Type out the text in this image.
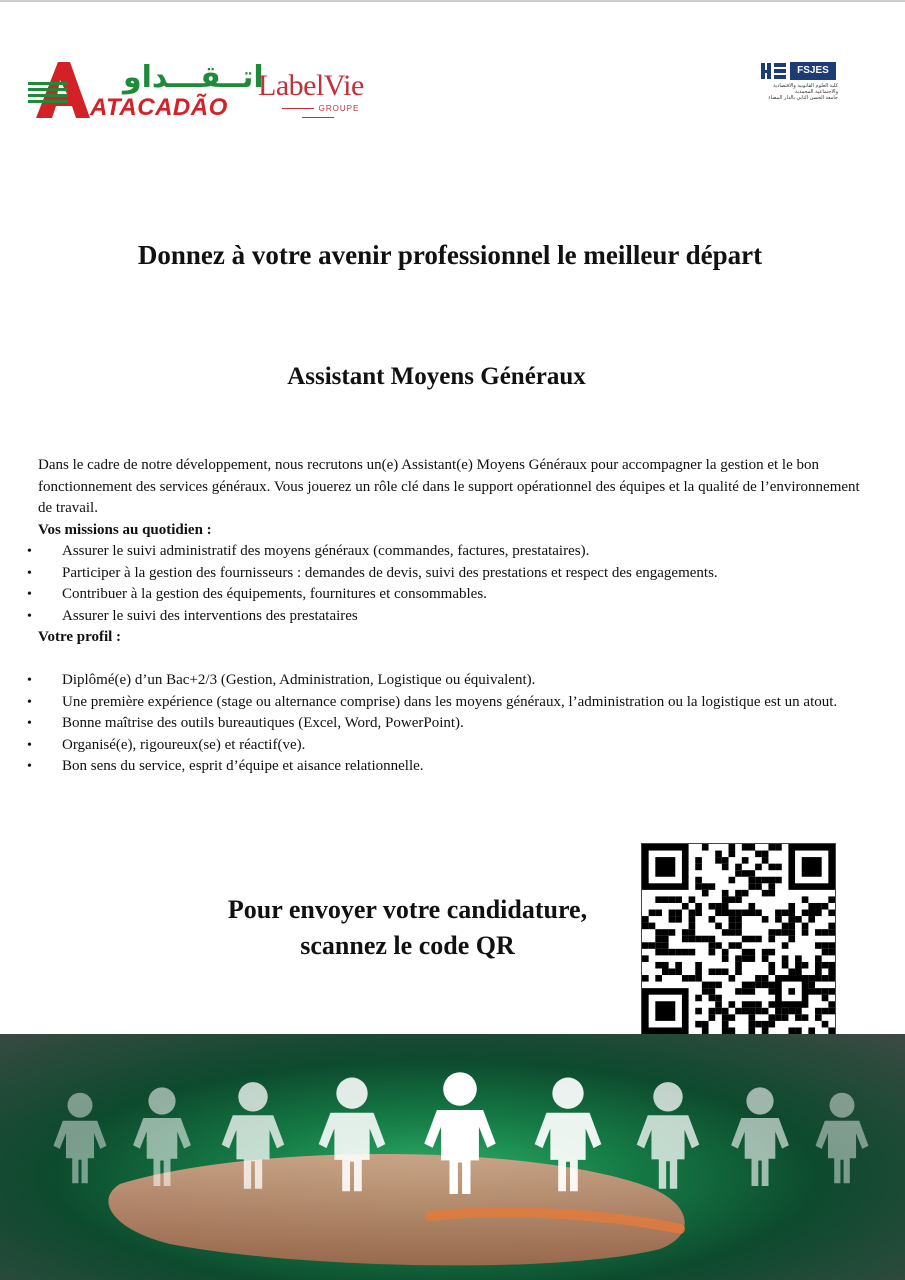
اتــقـــداو
ATACADÃO
LabelVie
GROUPE
FSJES
كلية العلوم القانونية والاقتصادية
والاجتماعية المحمدية
جامعة الحسن الثاني بالدار البيضاء
Donnez à votre avenir professionnel le meilleur départ
Assistant Moyens Généraux

Dans le cadre de notre développement, nous recrutons un(e) Assistant(e) Moyens Généraux pour accompagner la gestion et le bon fonctionnement des services généraux. Vous jouerez un rôle clé dans le support opérationnel des équipes et la qualité de l’environnement de travail.

Vos missions au quotidien :

• Assurer le suivi administratif des moyens généraux (commandes, factures, prestataires).
• Participer à la gestion des fournisseurs : demandes de devis, suivi des prestations et respect des engagements.
• Contribuer à la gestion des équipements, fournitures et consommables.
• Assurer le suivi des interventions des prestataires

Votre profil :

• Diplômé(e) d’un Bac+2/3 (Gestion, Administration, Logistique ou équivalent).
• Une première expérience (stage ou alternance comprise) dans les moyens généraux, l’administration ou la logistique est un atout.
• Bonne maîtrise des outils bureautiques (Excel, Word, PowerPoint).
• Organisé(e), rigoureux(se) et réactif(ve).
• Bon sens du service, esprit d’équipe et aisance relationnelle.
Pour envoyer votre candidature,
scannez le code QR
